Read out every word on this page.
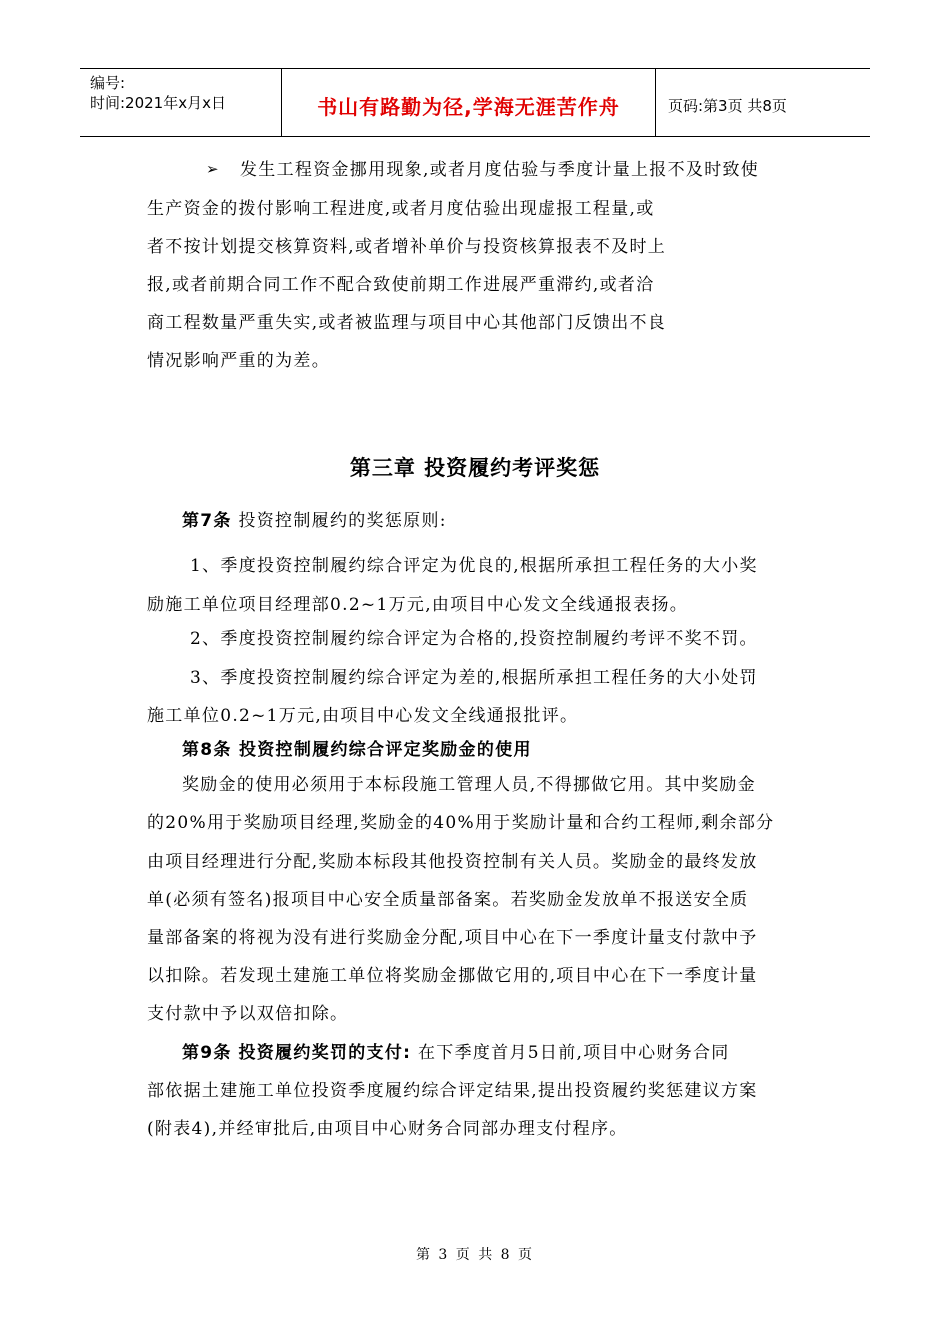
编号:
时间:2021年x月x日	书山有路勤为径,学海无涯苦作舟	页码:第3页 共8页
➢ 发生工程资金挪用现象,或者月度估验与季度计量上报不及时致使
生产资金的拨付影响工程进度,或者月度估验出现虚报工程量,或
者不按计划提交核算资料,或者增补单价与投资核算报表不及时上
报,或者前期合同工作不配合致使前期工作进展严重滞约,或者洽
商工程数量严重失实,或者被监理与项目中心其他部门反馈出不良
情况影响严重的为差。
第三章 投资履约考评奖惩
第7条 投资控制履约的奖惩原则:
1、季度投资控制履约综合评定为优良的,根据所承担工程任务的大小奖
励施工单位项目经理部0.2~1万元,由项目中心发文全线通报表扬。
2、季度投资控制履约综合评定为合格的,投资控制履约考评不奖不罚。
3、季度投资控制履约综合评定为差的,根据所承担工程任务的大小处罚
施工单位0.2~1万元,由项目中心发文全线通报批评。
第8条 投资控制履约综合评定奖励金的使用
奖励金的使用必须用于本标段施工管理人员,不得挪做它用。其中奖励金
的20%用于奖励项目经理,奖励金的40%用于奖励计量和合约工程师,剩余部分
由项目经理进行分配,奖励本标段其他投资控制有关人员。奖励金的最终发放
单(必须有签名)报项目中心安全质量部备案。若奖励金发放单不报送安全质
量部备案的将视为没有进行奖励金分配,项目中心在下一季度计量支付款中予
以扣除。若发现土建施工单位将奖励金挪做它用的,项目中心在下一季度计量
支付款中予以双倍扣除。
第9条 投资履约奖罚的支付: 在下季度首月5日前,项目中心财务合同
部依据土建施工单位投资季度履约综合评定结果,提出投资履约奖惩建议方案
(附表4),并经审批后,由项目中心财务合同部办理支付程序。
第 3 页 共 8 页
